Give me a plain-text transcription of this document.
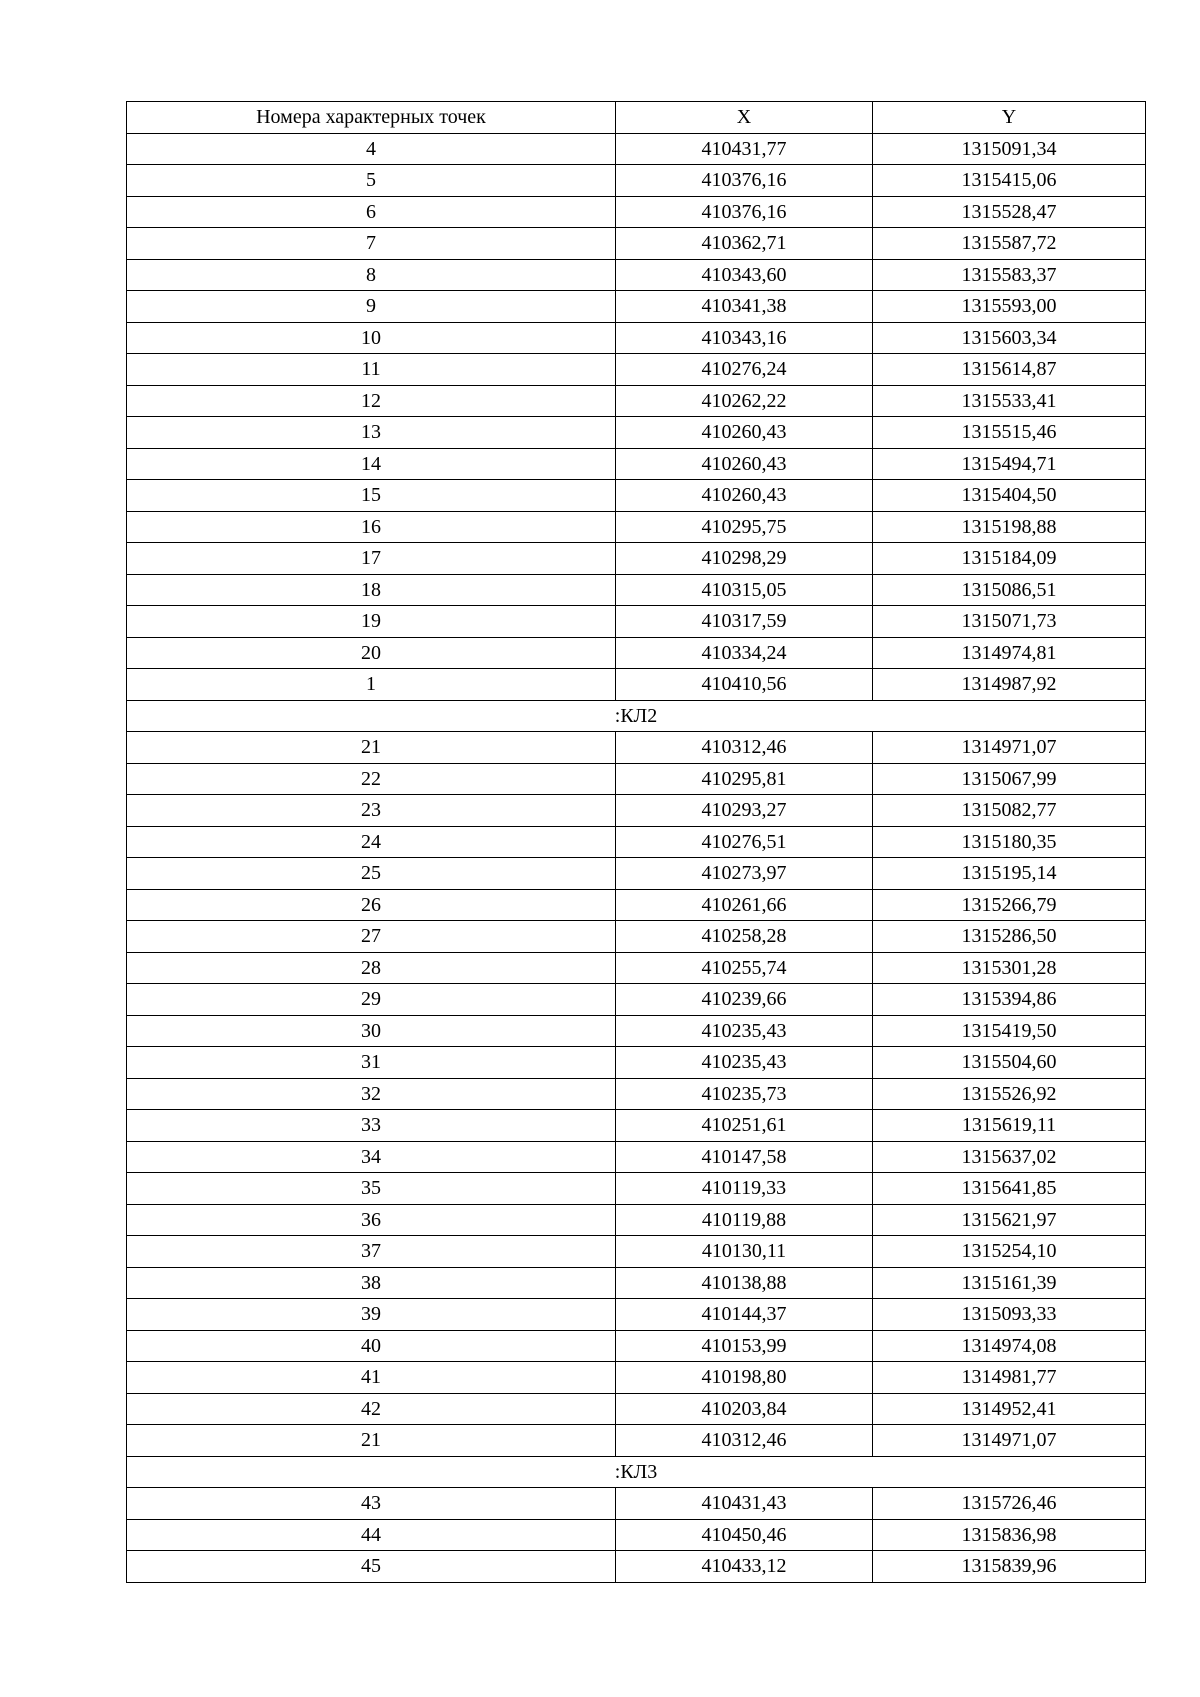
Номера характерных точек	X	Y
4	410431,77	1315091,34
5	410376,16	1315415,06
6	410376,16	1315528,47
7	410362,71	1315587,72
8	410343,60	1315583,37
9	410341,38	1315593,00
10	410343,16	1315603,34
11	410276,24	1315614,87
12	410262,22	1315533,41
13	410260,43	1315515,46
14	410260,43	1315494,71
15	410260,43	1315404,50
16	410295,75	1315198,88
17	410298,29	1315184,09
18	410315,05	1315086,51
19	410317,59	1315071,73
20	410334,24	1314974,81
1	410410,56	1314987,92
:КЛ2		
21	410312,46	1314971,07
22	410295,81	1315067,99
23	410293,27	1315082,77
24	410276,51	1315180,35
25	410273,97	1315195,14
26	410261,66	1315266,79
27	410258,28	1315286,50
28	410255,74	1315301,28
29	410239,66	1315394,86
30	410235,43	1315419,50
31	410235,43	1315504,60
32	410235,73	1315526,92
33	410251,61	1315619,11
34	410147,58	1315637,02
35	410119,33	1315641,85
36	410119,88	1315621,97
37	410130,11	1315254,10
38	410138,88	1315161,39
39	410144,37	1315093,33
40	410153,99	1314974,08
41	410198,80	1314981,77
42	410203,84	1314952,41
21	410312,46	1314971,07
:КЛ3		
43	410431,43	1315726,46
44	410450,46	1315836,98
45	410433,12	1315839,96
